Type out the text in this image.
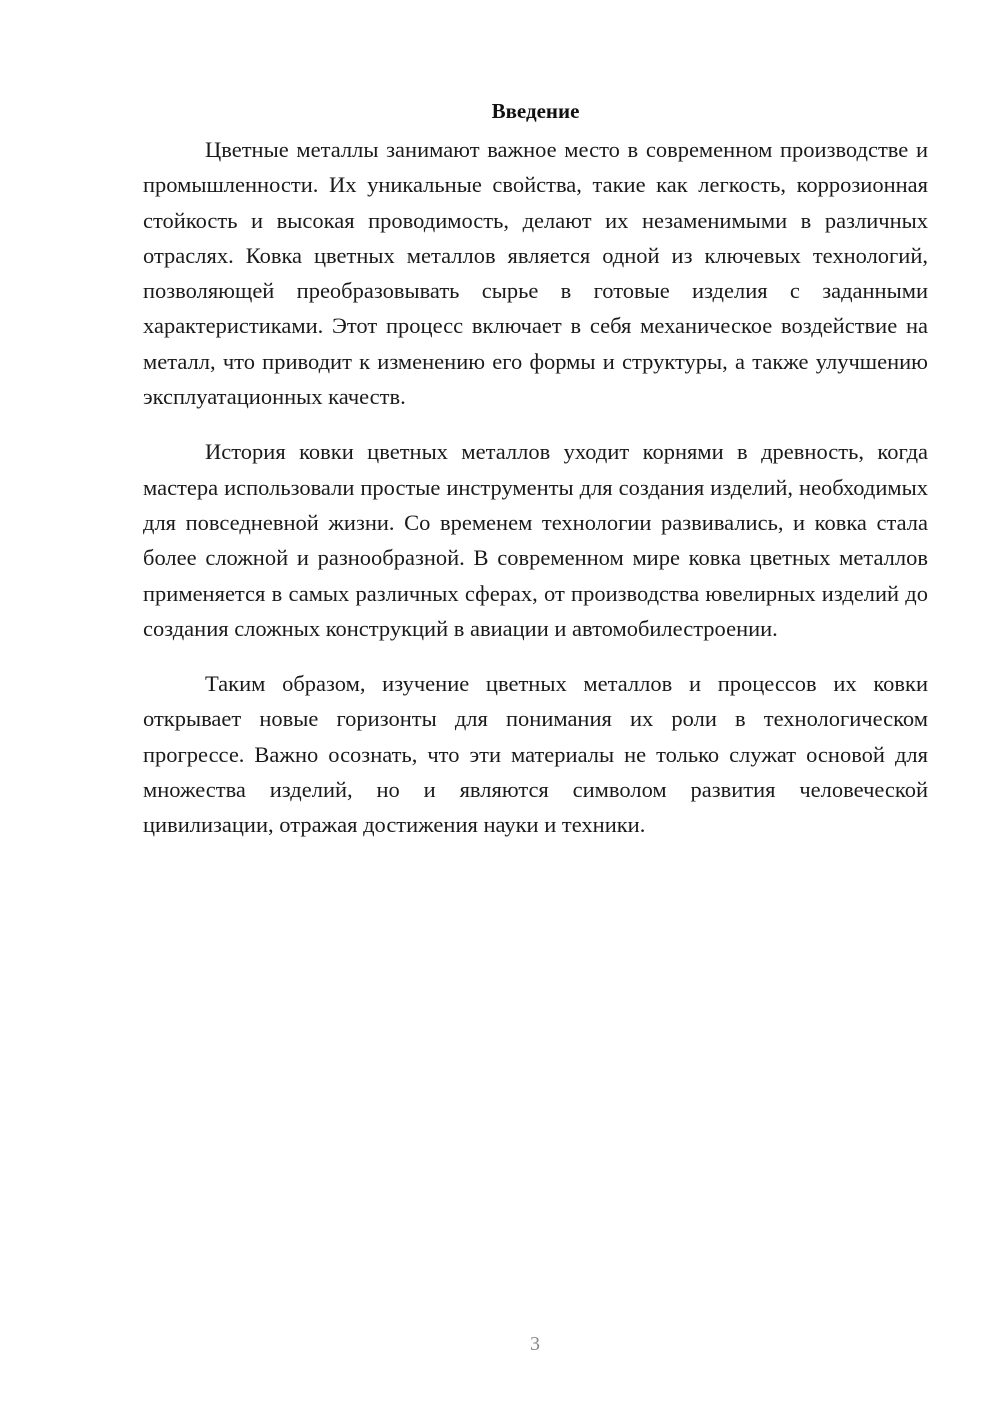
Введение

Цветные металлы занимают важное место в современном производстве и промышленности. Их уникальные свойства, такие как легкость, коррозионная стойкость и высокая проводимость, делают их незаменимыми в различных отраслях. Ковка цветных металлов является одной из ключевых технологий, позволяющей преобразовывать сырье в готовые изделия с заданными характеристиками. Этот процесс включает в себя механическое воздействие на металл, что приводит к изменению его формы и структуры, а также улучшению эксплуатационных качеств.

История ковки цветных металлов уходит корнями в древность, когда мастера использовали простые инструменты для создания изделий, необходимых для повседневной жизни. Со временем технологии развивались, и ковка стала более сложной и разнообразной. В современном мире ковка цветных металлов применяется в самых различных сферах, от производства ювелирных изделий до создания сложных конструкций в авиации и автомобилестроении.

Таким образом, изучение цветных металлов и процессов их ковки открывает новые горизонты для понимания их роли в технологическом прогрессе. Важно осознать, что эти материалы не только служат основой для множества изделий, но и являются символом развития человеческой цивилизации, отражая достижения науки и техники.

3
